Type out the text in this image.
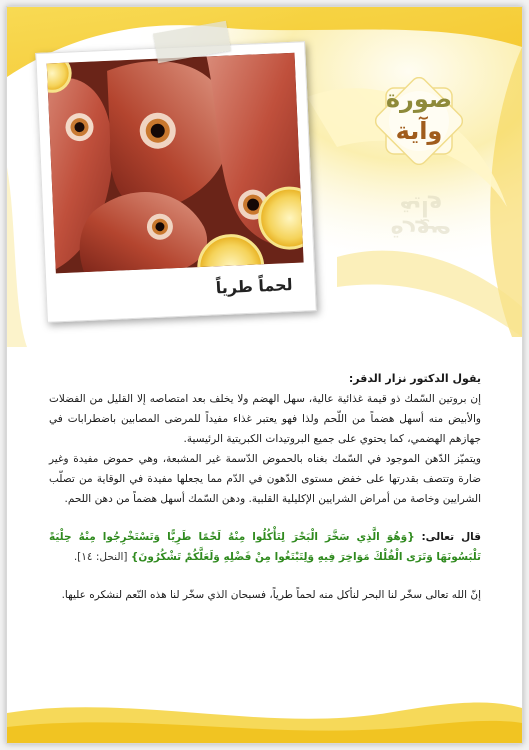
لحماً طرياً
صورة
وآية
صورة وآية

يقول الدكتور نزار الدقر:

إن بروتين السّمك ذو قيمة غذائية عالية، سهل الهضم ولا يخلف بعد امتصاصه إلا القليل من الفضلات والأبيض منه أسهل هضماً من اللّحم ولذا فهو يعتبر غذاء مفيداً للمرضى المصابين باضطرابات في جهازهم الهضمي، كما يحتوي على جميع البروتيدات الكبريتية الرئيسية.

ويتميّز الدّهن الموجود في السّمك بغناه بالحموض الدّسمة غير المشبعة، وهي حموض مفيدة وغير ضارة وتتصف بقدرتها على خفض مستوى الدّهون في الدّم مما يجعلها مفيدة في الوقاية من تصلّب الشرايين وخاصة من أمراض الشرايين الإكليلية القلبية. ودهن السّمك أسهل هضماً من دهن اللحم.

قال تعالى: {وَهُوَ الَّذِي سَخَّرَ الْبَحْرَ لِتَأْكُلُوا مِنْهُ لَحْمًا طَرِيًّا وَتَسْتَخْرِجُوا مِنْهُ حِلْيَةً تَلْبَسُونَهَا وَتَرَى الْفُلْكَ مَوَاخِرَ فِيهِ وَلِتَبْتَغُوا مِنْ فَضْلِهِ وَلَعَلَّكُمْ تَشْكُرُونَ} [النحل: ١٤].

إنّ الله تعالى سخّر لنا البحر لنأكل منه لحماً طرياً، فسبحان الذي سخّر لنا هذه النّعم لنشكره عليها.
